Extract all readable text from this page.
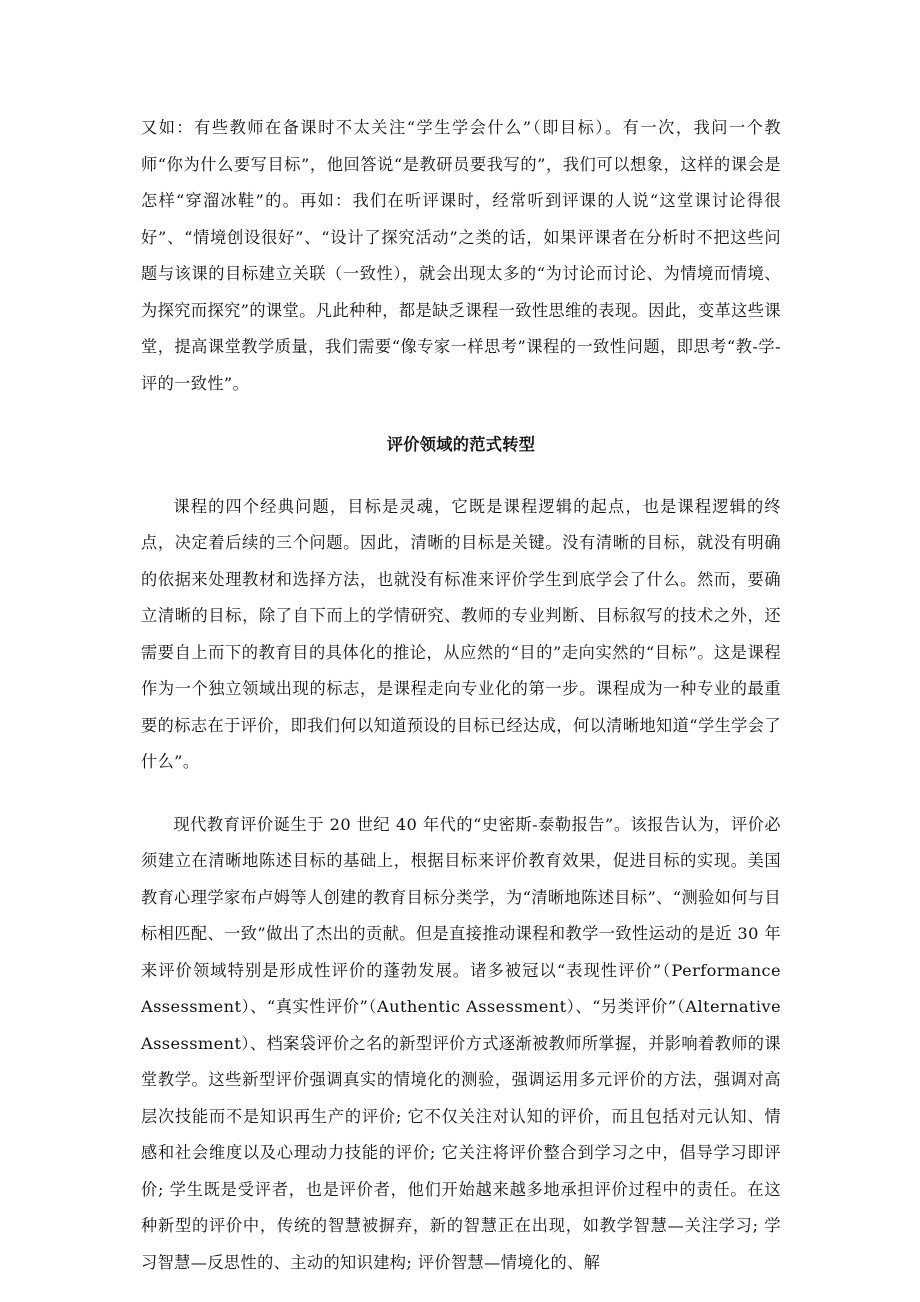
又如：有些教师在备课时不太关注“学生学会什么”（即目标）。有一次，我问一个教师“你为什么要写目标”，他回答说“是教研员要我写的”，我们可以想象，这样的课会是怎样“穿溜冰鞋”的。再如：我们在听评课时，经常听到评课的人说“这堂课讨论得很好”、“情境创设很好”、“设计了探究活动”之类的话，如果评课者在分析时不把这些问题与该课的目标建立关联（一致性），就会出现太多的“为讨论而讨论、为情境而情境、为探究而探究”的课堂。凡此种种，都是缺乏课程一致性思维的表现。因此，变革这些课堂，提高课堂教学质量，我们需要“像专家一样思考”课程的一致性问题，即思考“教-学-评的一致性”。

评价领域的范式转型

课程的四个经典问题，目标是灵魂，它既是课程逻辑的起点，也是课程逻辑的终点，决定着后续的三个问题。因此，清晰的目标是关键。没有清晰的目标，就没有明确的依据来处理教材和选择方法，也就没有标准来评价学生到底学会了什么。然而，要确立清晰的目标，除了自下而上的学情研究、教师的专业判断、目标叙写的技术之外，还需要自上而下的教育目的具体化的推论，从应然的“目的”走向实然的“目标”。这是课程作为一个独立领域出现的标志，是课程走向专业化的第一步。课程成为一种专业的最重要的标志在于评价，即我们何以知道预设的目标已经达成，何以清晰地知道“学生学会了什么”。

现代教育评价诞生于 20 世纪 40 年代的“史密斯-泰勒报告”。该报告认为，评价必须建立在清晰地陈述目标的基础上，根据目标来评价教育效果，促进目标的实现。美国教育心理学家布卢姆等人创建的教育目标分类学，为“清晰地陈述目标”、“测验如何与目标相匹配、一致”做出了杰出的贡献。但是直接推动课程和教学一致性运动的是近 30 年来评价领域特别是形成性评价的蓬勃发展。诸多被冠以“表现性评价”（Performance Assessment）、“真实性评价”（Authentic Assessment）、“另类评价”（Alternative Assessment）、档案袋评价之名的新型评价方式逐渐被教师所掌握，并影响着教师的课堂教学。这些新型评价强调真实的情境化的测验，强调运用多元评价的方法，强调对高层次技能而不是知识再生产的评价; 它不仅关注对认知的评价，而且包括对元认知、情感和社会维度以及心理动力技能的评价; 它关注将评价整合到学习之中，倡导学习即评价; 学生既是受评者，也是评价者，他们开始越来越多地承担评价过程中的责任。在这种新型的评价中，传统的智慧被摒弃，新的智慧正在出现，如教学智慧—关注学习; 学习智慧—反思性的、主动的知识建构; 评价智慧—情境化的、解
